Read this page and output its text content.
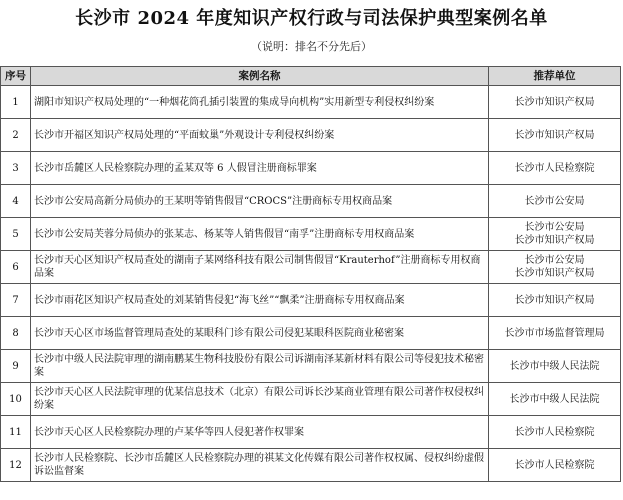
长沙市 2024 年度知识产权行政与司法保护典型案例名单
（说明：排名不分先后）
序号	案例名称	推荐单位
1	湖阳市知识产权局处理的“一种烟花筒孔插引装置的集成导向机构”实用新型专利侵权纠纷案	长沙市知识产权局

2	长沙市开福区知识产权局处理的“平面蚊巢”外观设计专利侵权纠纷案	长沙市知识产权局

3	长沙市岳麓区人民检察院办理的孟某双等 6 人假冒注册商标罪案	长沙市人民检察院

4	长沙市公安局高新分局侦办的王某明等销售假冒“CROCS”注册商标专用权商品案	长沙市公安局

5	长沙市公安局芙蓉分局侦办的张某志、杨某等人销售假冒“南孚”注册商标专用权商品案	长沙市公安局
长沙市知识产权局

6	长沙市天心区知识产权局查处的湖南子某网络科技有限公司制售假冒“Krauterhof”注册商标专用权商品案	长沙市公安局
长沙市知识产权局

7	长沙市雨花区知识产权局查处的刘某销售侵犯“海飞丝”“飘柔”注册商标专用权商品案	长沙市知识产权局

8	长沙市天心区市场监督管理局查处的某眼科门诊有限公司侵犯某眼科医院商业秘密案	长沙市市场监督管理局

9	长沙市中级人民法院审理的湖南鹏某生物科技股份有限公司诉湖南泽某新材料有限公司等侵犯技术秘密案	长沙市中级人民法院

10	长沙市天心区人民法院审理的优某信息技术（北京）有限公司诉长沙某商业管理有限公司著作权侵权纠纷案	长沙市中级人民法院

11	长沙市天心区人民检察院办理的卢某华等四人侵犯著作权罪案	长沙市人民检察院

12	长沙市人民检察院、长沙市岳麓区人民检察院办理的祺某文化传媒有限公司著作权权属、侵权纠纷虚假诉讼监督案	长沙市人民检察院
